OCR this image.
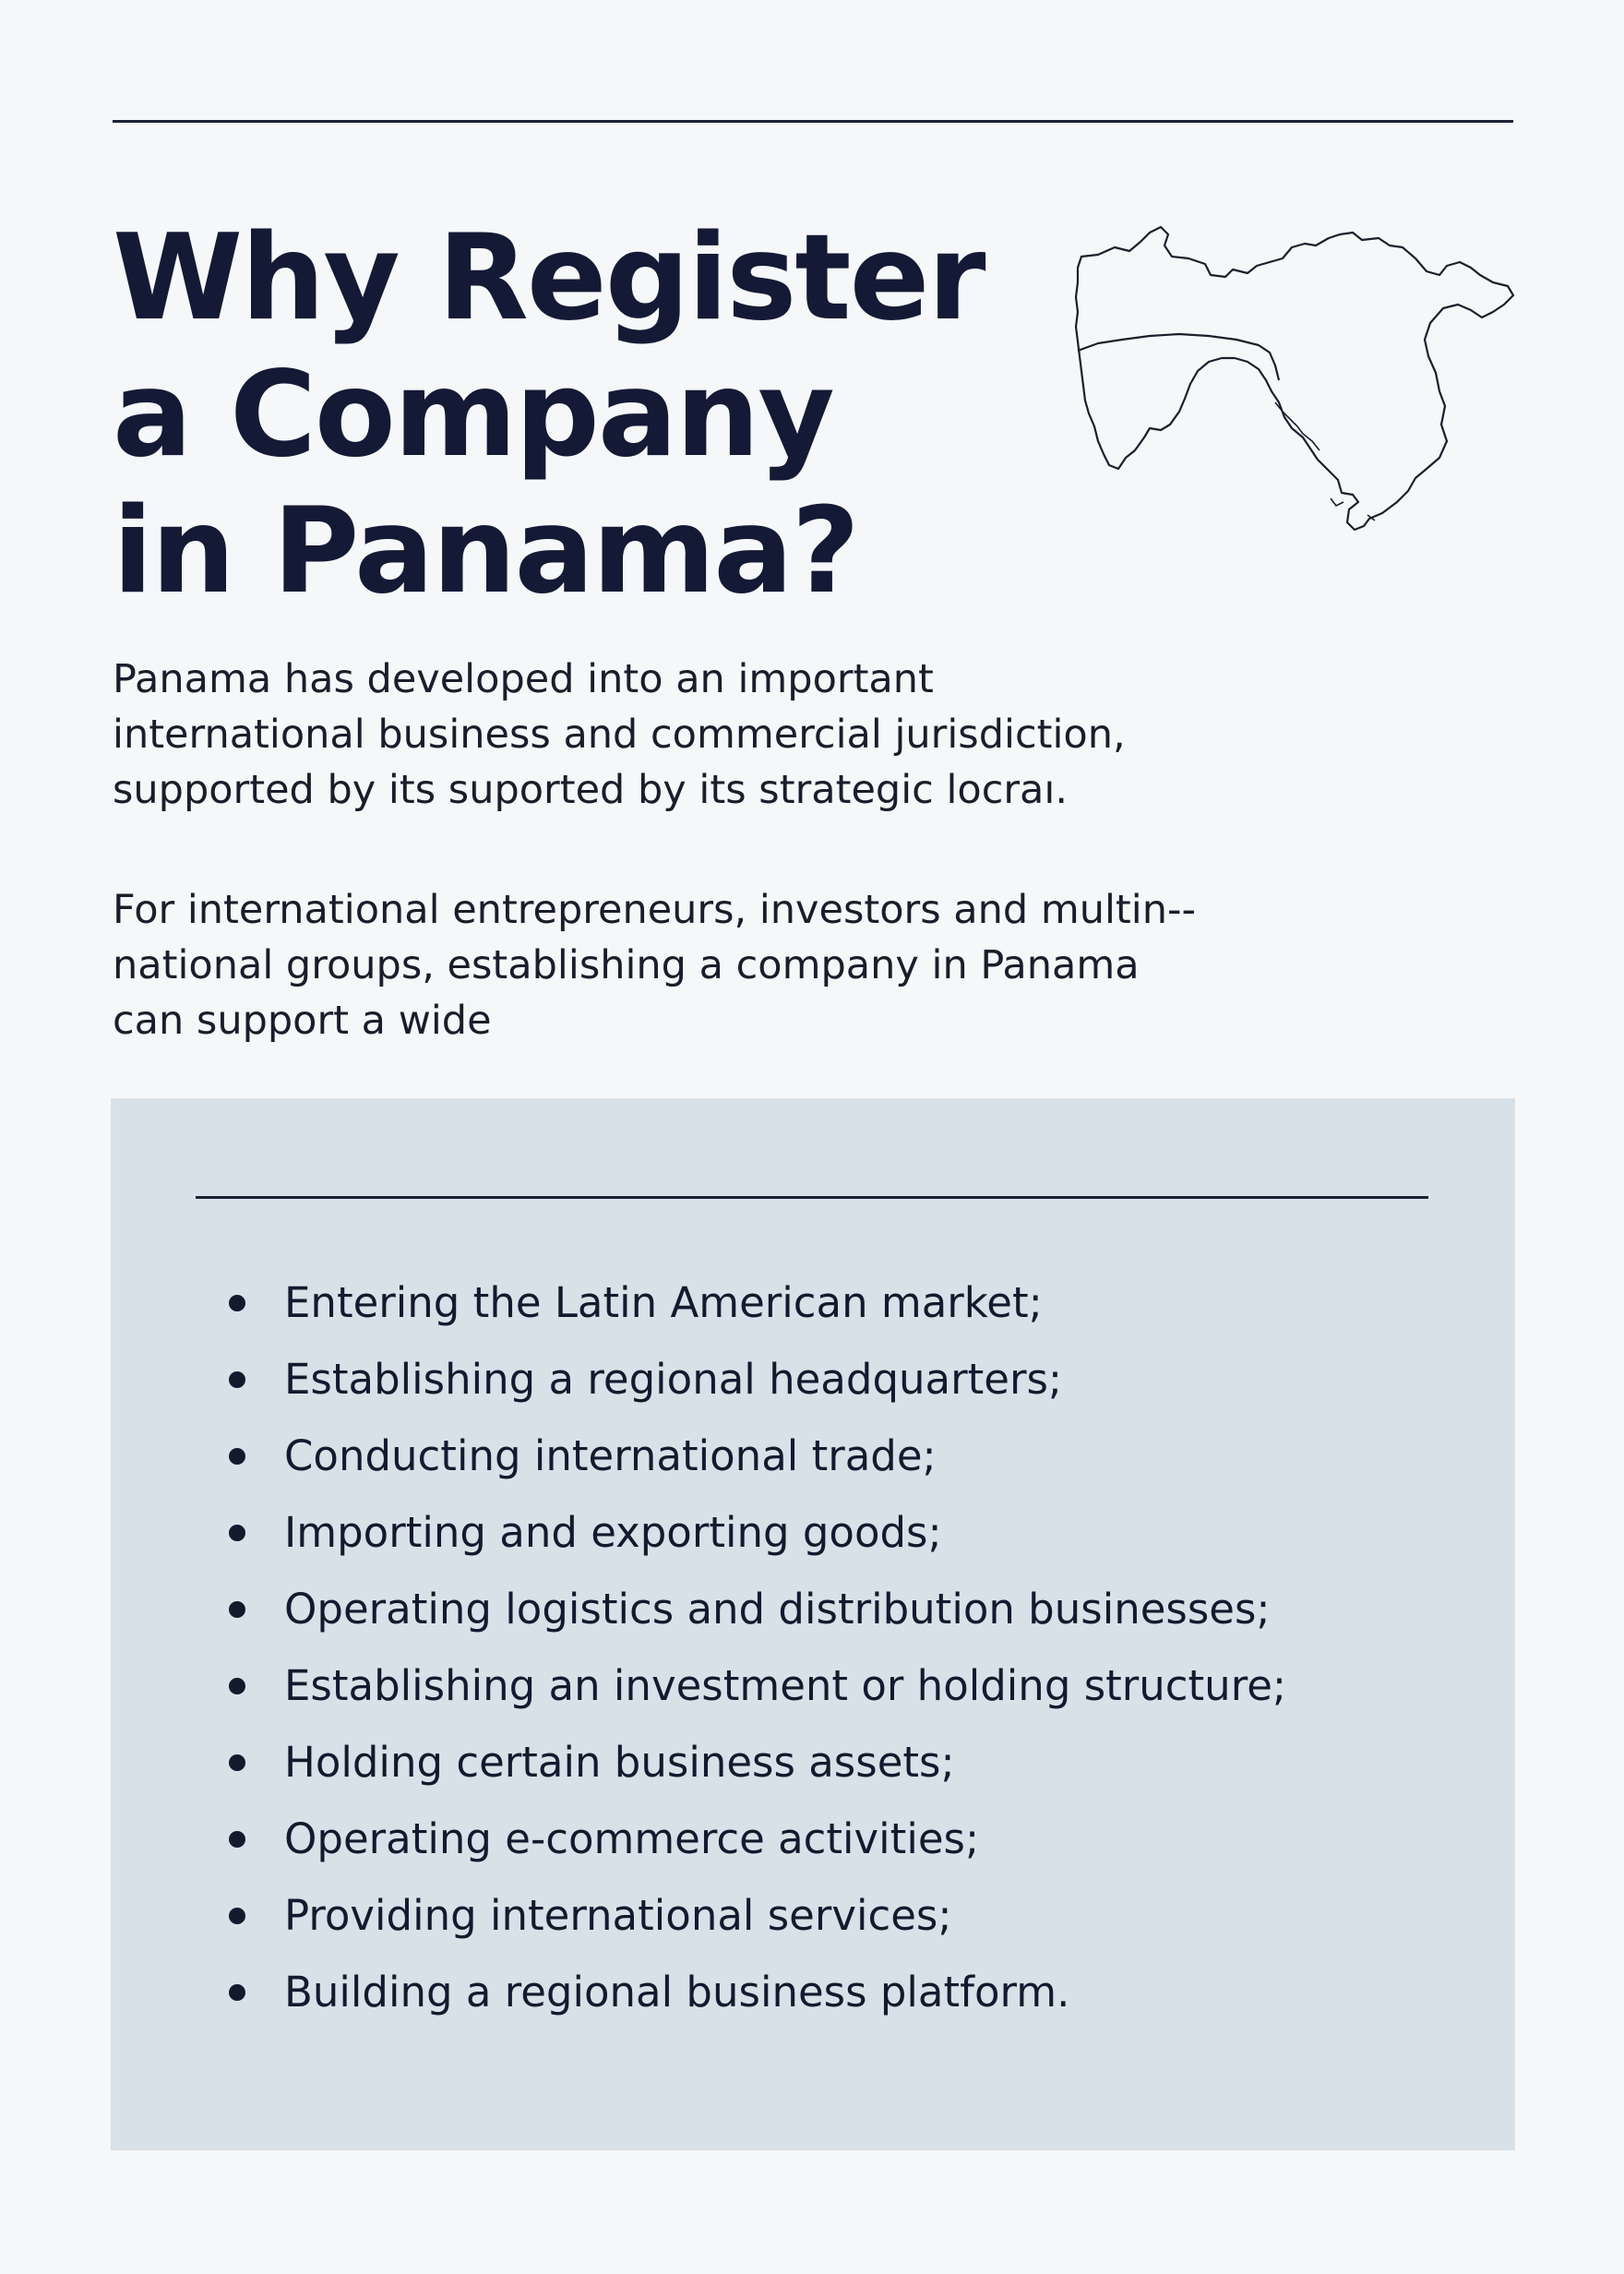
Why Register
a Company
in Panama?

Panama has developed into an important
international business and commercial jurisdiction,
supported by its suported by its strategic locraı.

For international entrepreneurs, investors and multin--
national groups, establishing a company in Panama
can support a wide

Entering the Latin American market;
Establishing a regional headquarters;
Conducting international trade;
Importing and exporting goods;
Operating logistics and distribution businesses;
Establishing an investment or holding structure;
Holding certain business assets;
Operating e-commerce activities;
Providing international services;
Building a regional business platform.
